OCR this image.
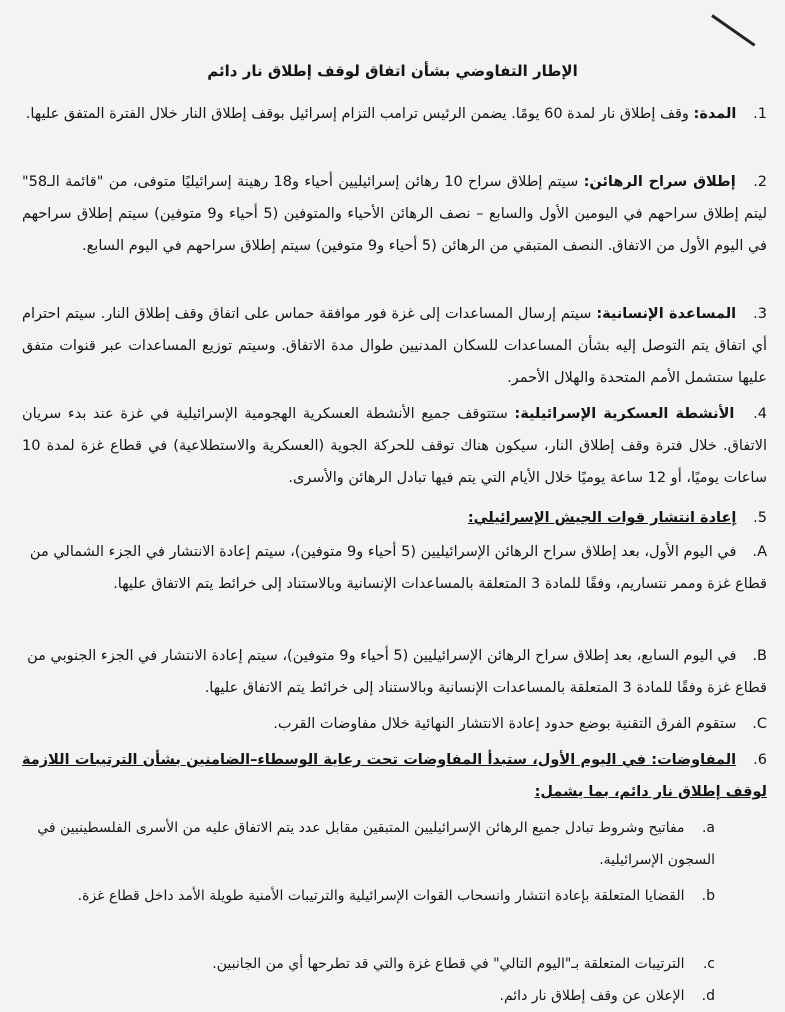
الإطار التفاوضي بشأن اتفاق لوقف إطلاق نار دائم
1. المدة: وقف إطلاق نار لمدة 60 يومًا. يضمن الرئيس ترامب التزام إسرائيل بوقف إطلاق النار خلال الفترة المتفق عليها.
2. إطلاق سراح الرهائن: سيتم إطلاق سراح 10 رهائن إسرائيليين أحياء و18 رهينة إسرائيليًا متوفى، من "قائمة الـ58" ليتم إطلاق سراحهم في اليومين الأول والسابع – نصف الرهائن الأحياء والمتوفين (5 أحياء و9 متوفين) سيتم إطلاق سراحهم في اليوم الأول من الاتفاق. النصف المتبقي من الرهائن (5 أحياء و9 متوفين) سيتم إطلاق سراحهم في اليوم السابع.
3. المساعدة الإنسانية: سيتم إرسال المساعدات إلى غزة فور موافقة حماس على اتفاق وقف إطلاق النار. سيتم احترام أي اتفاق يتم التوصل إليه بشأن المساعدات للسكان المدنيين طوال مدة الاتفاق. وسيتم توزيع المساعدات عبر قنوات متفق عليها ستشمل الأمم المتحدة والهلال الأحمر.
4. الأنشطة العسكرية الإسرائيلية: ستتوقف جميع الأنشطة العسكرية الهجومية الإسرائيلية في غزة عند بدء سريان الاتفاق. خلال فترة وقف إطلاق النار، سيكون هناك توقف للحركة الجوية (العسكرية والاستطلاعية) في قطاع غزة لمدة 10 ساعات يوميًا، أو 12 ساعة يوميًا خلال الأيام التي يتم فيها تبادل الرهائن والأسرى.
5. إعادة انتشار قوات الجيش الإسرائيلي:
A. في اليوم الأول، بعد إطلاق سراح الرهائن الإسرائيليين (5 أحياء و9 متوفين)، سيتم إعادة الانتشار في الجزء الشمالي من قطاع غزة وممر نتساريم، وفقًا للمادة 3 المتعلقة بالمساعدات الإنسانية وبالاستناد إلى خرائط يتم الاتفاق عليها.
B. في اليوم السابع، بعد إطلاق سراح الرهائن الإسرائيليين (5 أحياء و9 متوفين)، سيتم إعادة الانتشار في الجزء الجنوبي من قطاع غزة وفقًا للمادة 3 المتعلقة بالمساعدات الإنسانية وبالاستناد إلى خرائط يتم الاتفاق عليها.
C. ستقوم الفرق التقنية بوضع حدود إعادة الانتشار النهائية خلال مفاوضات القرب.
6. المفاوضات: في اليوم الأول، ستبدأ المفاوضات تحت رعاية الوسطاء–الضامنين بشأن الترتيبات اللازمة لوقف إطلاق نار دائم، بما يشمل:
a. مفاتيح وشروط تبادل جميع الرهائن الإسرائيليين المتبقين مقابل عدد يتم الاتفاق عليه من الأسرى الفلسطينيين في السجون الإسرائيلية.
b. القضايا المتعلقة بإعادة انتشار وانسحاب القوات الإسرائيلية والترتيبات الأمنية طويلة الأمد داخل قطاع غزة.
c. الترتيبات المتعلقة بـ"اليوم التالي" في قطاع غزة والتي قد تطرحها أي من الجانبين.
d. الإعلان عن وقف إطلاق نار دائم.
